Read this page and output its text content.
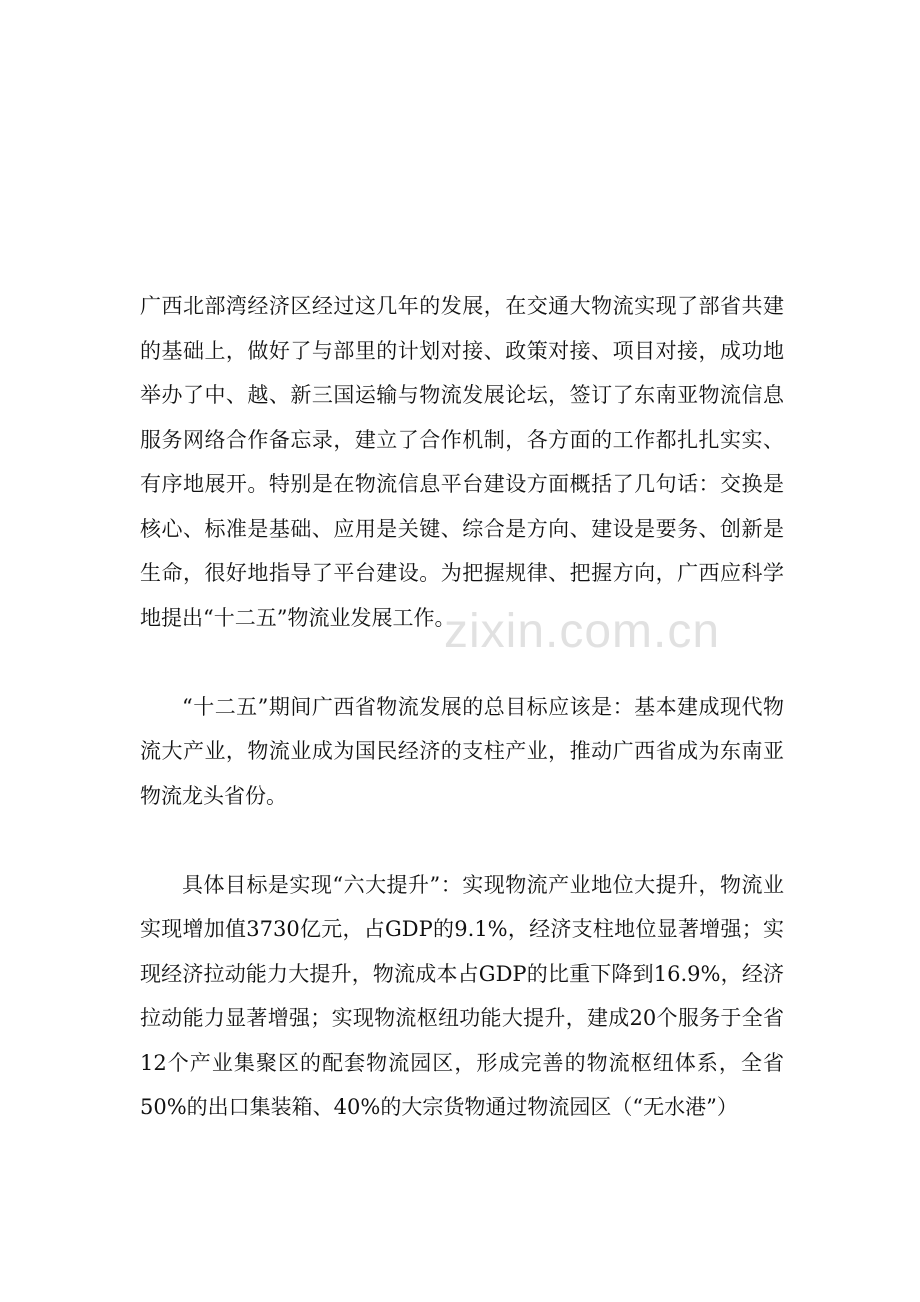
广西北部湾经济区经过这几年的发展，在交通大物流实现了部省共建的基础上，做好了与部里的计划对接、政策对接、项目对接，成功地举办了中、越、新三国运输与物流发展论坛，签订了东南亚物流信息服务网络合作备忘录，建立了合作机制，各方面的工作都扎扎实实、有序地展开。特别是在物流信息平台建设方面概括了几句话：交换是核心、标准是基础、应用是关键、综合是方向、建设是要务、创新是生命，很好地指导了平台建设。为把握规律、把握方向，广西应科学地提出“十二五”物流业发展工作。

“十二五”期间广西省物流发展的总目标应该是：基本建成现代物流大产业，物流业成为国民经济的支柱产业，推动广西省成为东南亚物流龙头省份。

具体目标是实现“六大提升”：实现物流产业地位大提升，物流业实现增加值3730亿元，占GDP的9.1%，经济支柱地位显著增强；实现经济拉动能力大提升，物流成本占GDP的比重下降到16.9%，经济拉动能力显著增强；实现物流枢纽功能大提升，建成20个服务于全省12个产业集聚区的配套物流园区，形成完善的物流枢纽体系，全省50%的出口集装箱、40%的大宗货物通过物流园区（“无水港”）

zixin.com.cn
